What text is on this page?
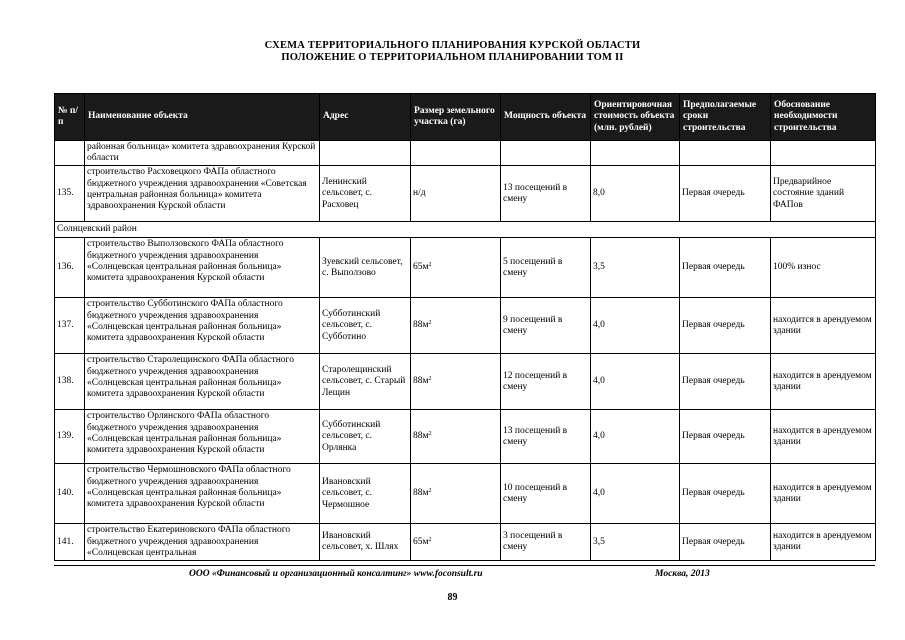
СХЕМА ТЕРРИТОРИАЛЬНОГО ПЛАНИРОВАНИЯ КУРСКОЙ ОБЛАСТИ
ПОЛОЖЕНИЕ О ТЕРРИТОРИАЛЬНОМ ПЛАНИРОВАНИИ ТОМ II
№ п/п	Наименование объекта	Адрес	Размер земельного участка (га)	Мощность объекта	Ориентировочная стоимость объекта (млн. рублей)	Предполагаемые сроки строительства	Обоснование необходимости строительства
	районная больница» комитета здравоохранения Курской области						
135.	строительство Расховецкого ФАПа областного бюджетного учреждения здравоохранения «Советская центральная районная больница» комитета здравоохранения Курской области	Ленинский сельсовет, с. Расховец	н/д	13 посещений в смену	8,0	Первая очередь	Предварийное состояние зданий ФАПов
Солнцевский район							
136.	строительство Выползовского ФАПа областного бюджетного учреждения здравоохранения «Солнцевская центральная районная больница» комитета здравоохранения Курской области	Зуевский сельсовет, с. Выползово	$65м^2$	5 посещений в смену	3,5	Первая очередь	100% износ
137.	строительство Субботинского ФАПа областного бюджетного учреждения здравоохранения «Солнцевская центральная районная больница» комитета здравоохранения Курской области	Субботинский сельсовет, с. Субботино	$88м^2$	9 посещений в смену	4,0	Первая очередь	находится в арендуемом здании
138.	строительство Старолещинского ФАПа областного бюджетного учреждения здравоохранения «Солнцевская центральная районная больница» комитета здравоохранения Курской области	Старолещинский сельсовет, с. Старый Лещин	$88м^2$	12 посещений в смену	4,0	Первая очередь	находится в арендуемом здании
139.	строительство Орлянского ФАПа областного бюджетного учреждения здравоохранения «Солнцевская центральная районная больница» комитета здравоохранения Курской области	Субботинский сельсовет, с. Орлянка	$88м^2$	13 посещений в смену	4,0	Первая очередь	находится в арендуемом здании
140.	строительство Чермошновского ФАПа областного бюджетного учреждения здравоохранения «Солнцевская центральная районная больница» комитета здравоохранения Курской области	Ивановский сельсовет, с. Чермошное	$88м^2$	10 посещений в смену	4,0	Первая очередь	находится в арендуемом здании
141.	строительство Екатериновского ФАПа областного бюджетного учреждения здравоохранения «Солнцевская центральная	Ивановский сельсовет, х. Шлях	$65м^2$	3 посещений в смену	3,5	Первая очередь	находится в арендуемом здании
ООО «Финансовый и организационный консалтинг» www.foconsult.ru	Москва, 2013
89
